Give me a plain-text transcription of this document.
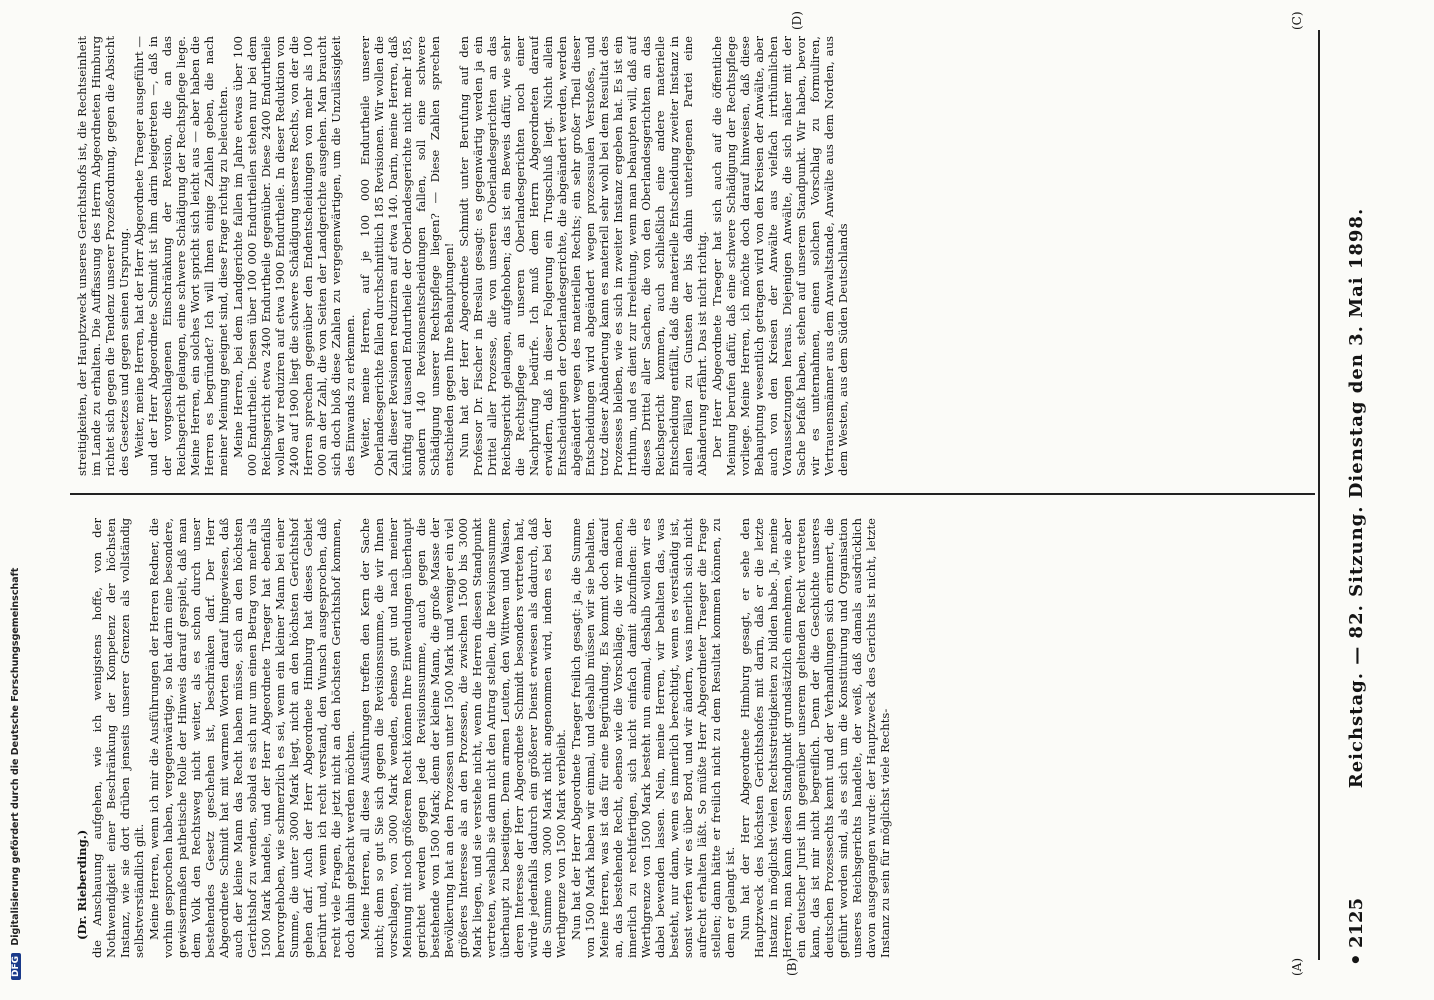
•
2125
Reichstag. — 82. Sitzung. Dienstag den 3. Mai 1898.
(A)
(B)
(C)
(D)

(Dr. Rieberding.) die Anschauung aufgehen, wie ich wenigstens hoffe, von der Nothwendigkeit einer Beschränkung der Kompetenz der höchsten Instanz, wie sie dort drüben jenseits unserer Grenzen als vollständig selbstverständlich gilt. Meine Herren, wenn ich mir die Ausführungen der Herren Redner, die vorhin gesprochen haben, vergegenwärtige, so hat darin eine besondere, gewissermaßen pathetische Rolle der Hinweis darauf gespielt, daß man dem Volk den Rechtsweg nicht weiter, als es schon durch unser bestehendes Gesetz geschehen ist, beschränken darf. Der Herr Abgeordnete Schmidt hat mit warmen Worten darauf hingewiesen, daß auch der kleine Mann das Recht haben müsse, sich an den höchsten Gerichtshof zu wenden, sobald es sich nur um einen Betrag von mehr als 1500 Mark handele, und der Herr Abgeordnete Traeger hat ebenfalls hervorgehoben, wie schmerzlich es sei, wenn ein kleiner Mann bei einer Summe, die unter 3000 Mark liegt, nicht an den höchsten Gerichtshof gehen darf. Auch der Herr Abgeordnete Himburg hat dieses Gebiet berührt und, wenn ich recht verstand, den Wunsch ausgesprochen, daß recht viele Fragen, die jetzt nicht an den höchsten Gerichtshof kommen, doch dahin gebracht werden möchten. Meine Herren, all diese Ausführungen treffen den Kern der Sache nicht; denn so gut Sie sich gegen die Revisionssumme, die wir Ihnen vorschlagen, von 3000 Mark wenden, ebenso gut und nach meiner Meinung mit noch größerem Recht können Ihre Einwendungen überhaupt gerichtet werden gegen jede Revisionssumme, auch gegen die bestehende von 1500 Mark; denn der kleine Mann, die große Masse der Bevölkerung hat an den Prozessen unter 1500 Mark und weniger ein viel größeres Interesse als an den Prozessen, die zwischen 1500 bis 3000 Mark liegen, und sie verstehe nicht, wenn die Herren diesen Standpunkt vertreten, weshalb sie dann nicht den Antrag stellen, die Revisionssumme überhaupt zu beseitigen. Denn armen Leuten, den Wittwen und Waisen, deren Interesse der Herr Abgeordnete Schmidt besonders vertreten hat, würde jedenfalls dadurch ein größerer Dienst erwiesen als dadurch, daß die Summe von 3000 Mark nicht angenommen wird, indem es bei der Werthgrenze von 1500 Mark verbleibt. Nun hat der Herr Abgeordnete Traeger freilich gesagt: ja, die Summe von 1500 Mark haben wir einmal, und deshalb müssen wir sie behalten. Meine Herren, was ist das für eine Begründung. Es kommt doch darauf an, das bestehende Recht, ebenso wie die Vorschläge, die wir machen, innerlich zu rechtfertigen, sich nicht einfach damit abzufinden: die Werthgrenze von 1500 Mark besteht nun einmal, deshalb wollen wir es dabei bewenden lassen. Nein, meine Herren, wir behalten das, was besteht, nur dann, wenn es innerlich berechtigt, wenn es verständig ist, sonst werfen wir es über Bord, und wir ändern, was innerlich sich nicht aufrecht erhalten läßt. So müßte Herr Abgeordneter Traeger die Frage stellen; dann hätte er freilich nicht zu dem Resultat kommen können, zu dem er gelangt ist. Nun hat der Herr Abgeordnete Himburg gesagt, er sehe den Hauptzweck des höchsten Gerichtshofes mit darin, daß er die letzte Instanz in möglichst vielen Rechtsstreitigkeiten zu bilden habe. Ja, meine Herren, man kann diesen Standpunkt grundsätzlich einnehmen, wie aber ein deutscher Jurist ihn gegenüber unserem geltenden Recht vertreten kann, das ist mir nicht begreiflich. Denn der die Geschichte unseres deutschen Prozessechts kennt und der Verhandlungen sich erinnert, die geführt worden sind, als es sich um die Konstituirung und Organisation unseres Reichsgerichts handelte, der weiß, daß damals ausdrücklich davon ausgegangen wurde: der Hauptzweck des Gerichts ist nicht, letzte Instanz zu sein für möglichst viele Rechts-

streitigkeiten, der Hauptzweck unseres Gerichtshofs ist, die Rechtseinheit im Lande zu erhalten. Die Auffassung des Herrn Abgeordneten Himburg richtet sich gegen die Tendenz unserer Prozeßordnung, gegen die Absicht des Gesetzes und gegen seinen Ursprung. Weiter, meine Herren, hat der Herr Abgeordnete Traeger ausgeführt — und der Herr Abgeordnete Schmidt ist ihm darin beigetreten —, daß in der vorgeschlagenen Einschränkung der Revision, die an das Reichsgericht gelangen, eine schwere Schädigung der Rechtspflege liege. Meine Herren, ein solches Wort spricht sich leicht aus — aber haben die Herren es begründet? Ich will Ihnen einige Zahlen geben, die nach meiner Meinung geeignet sind, diese Frage richtig zu beleuchten. Meine Herren, bei dem Landgerichte fallen im Jahre etwas über 100 000 Endurtheile. Diesen über 100 000 Endurtheilen stehen nur bei dem Reichsgericht etwa 2400 Endurtheile gegenüber. Diese 2400 Endurtheile wollen wir reduziren auf etwa 1900 Endurtheile. In dieser Reduktion von 2400 auf 1900 liegt die schwere Schädigung unseres Rechts, von der die Herren sprechen gegenüber den Endentscheidungen von mehr als 100 000 an der Zahl, die von Seiten der Landgerichte ausgehen. Man braucht sich doch bloß diese Zahlen zu vergegenwärtigen, um die Unzulässigkeit des Einwands zu erkennen. Weiter, meine Herren, auf je 100 000 Endurtheile unserer Oberlandesgerichte fallen durchschnittlich 185 Revisionen. Wir wollen die Zahl dieser Revisionen reduziren auf etwa 140. Darin, meine Herren, daß künftig auf tausend Endurtheile der Oberlandesgerichte nicht mehr 185, sondern 140 Revisionsentscheidungen fallen, soll eine schwere Schädigung unserer Rechtspflege liegen? — Diese Zahlen sprechen entschieden gegen Ihre Behauptungen! Nun hat der Herr Abgeordnete Schmidt unter Berufung auf den Professor Dr. Fischer in Breslau gesagt: es gegenwärtig werden ja ein Drittel aller Prozesse, die von unseren Oberlandesgerichten an das Reichsgericht gelangen, aufgehoben; das ist ein Beweis dafür, wie sehr die Rechtspflege an unseren Oberlandesgerichten noch einer Nachprüfung bedürfe. Ich muß dem Herrn Abgeordneten darauf erwidern, daß in dieser Folgerung ein Trugschluß liegt. Nicht allein Entscheidungen der Oberlandesgerichte, die abgeändert werden, werden abgeändert wegen des materiellen Rechts; ein sehr großer Theil dieser Entscheidungen wird abgeändert wegen prozessualen Verstoßes, und trotz dieser Abänderung kann es materiell sehr wohl bei dem Resultat des Prozesses bleiben, wie es sich in zweiter Instanz ergeben hat. Es ist ein Irrthum, und es dient zur Irreleitung, wenn man behaupten will, daß auf dieses Drittel aller Sachen, die von den Oberlandesgerichten an das Reichsgericht kommen, auch schließlich eine andere materielle Entscheidung entfällt, daß die materielle Entscheidung zweiter Instanz in allen Fällen zu Gunsten der bis dahin unterlegenen Partei eine Abänderung erfährt. Das ist nicht richtig. Der Herr Abgeordnete Traeger hat sich auch auf die öffentliche Meinung berufen dafür, daß eine schwere Schädigung der Rechtspflege vorliege. Meine Herren, ich möchte doch darauf hinweisen, daß diese Behauptung wesentlich getragen wird von den Kreisen der Anwälte, aber auch von den Kreisen der Anwälte aus vielfach irrthümlichen Voraussetzungen heraus. Diejenigen Anwälte, die sich näher mit der Sache befaßt haben, stehen auf unserem Standpunkt. Wir haben, bevor wir es unternahmen, einen solchen Vorschlag zu formuliren, Vertrauensmänner aus dem Anwaltstande, Anwälte aus dem Norden, aus dem Westen, aus dem Süden Deutschlands

DFG Digitalisierung gefördert durch die Deutsche Forschungsgemeinschaft
